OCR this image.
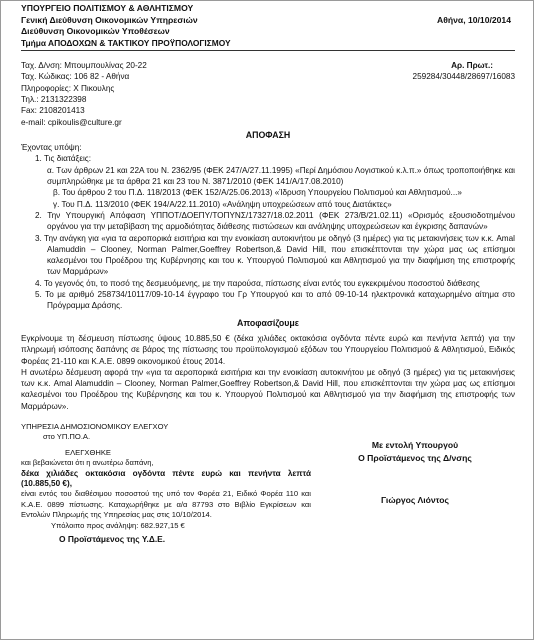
ΥΠΟΥΡΓΕΙΟ ΠΟΛΙΤΙΣΜΟΥ & ΑΘΛΗΤΙΣΜΟΥ
Γενική Διεύθυνση Οικονομικών Υπηρεσιών	Αθήνα, 10/10/2014
Διεύθυνση Οικονομικών Υποθέσεων
Τμήμα ΑΠΟΔΟΧΩΝ & ΤΑΚΤΙΚΟΥ ΠΡΟΫΠΟΛΟΓΙΣΜΟΥ
Ταχ. Δ/νση: Μπουμπουλίνας 20-22	Αρ. Πρωτ.:
Ταχ. Κώδικας: 106 82 - Αθήνα	259284/30448/28697/16083
Πληροφορίες: Χ Πικουλης
Τηλ.: 2131322398
Fax: 2108201413
e-mail: cpikoulis@culture.gr
ΑΠΟΦΑΣΗ
Έχοντας υπόψη:
1. Τις διατάξεις:
α. Των άρθρων 21 και 22Α του Ν. 2362/95 (ΦΕΚ 247/Α/27.11.1995) «Περί Δημόσιου Λογιστικού κ.λ.π.» όπως τροποποιήθηκε και συμπληρώθηκε με τα άρθρα 21 και 23 του Ν. 3871/2010 (ΦΕΚ 141/Α/17.08.2010)
β. Του άρθρου 2 του Π.Δ. 118/2013 (ΦΕΚ 152/Α/25.06.2013) «Ίδρυση Υπουργείου Πολιτισμού και Αθλητισμού...»
γ. Του Π.Δ. 113/2010 (ΦΕΚ 194/Α/22.11.2010) «Ανάληψη υποχρεώσεων από τους Διατάκτες»
2. Την Υπουργική Απόφαση ΥΠΠΟΤ/ΔΟΕΠΥ/ΤΟΠΥΝΣ/17327/18.02.2011 (ΦΕΚ 273/Β/21.02.11) «Ορισμός εξουσιοδοτημένου οργάνου για την μεταβίβαση της αρμοδιότητας διάθεσης πιστώσεων και ανάληψης υποχρεώσεων και έγκρισης δαπανών»
3. Την ανάγκη για «για τα αεροπορικά εισιτήρια και την ενοικίαση αυτοκινήτου με οδηγό (3 ημέρες) για τις μετακινήσεις των κ.κ. Amal Alamuddin – Clooney, Norman Palmer,Goeffrey Robertson,& David Hill, που επισκέπτονται την χώρα μας ως επίσημοι καλεσμένοι του Προέδρου της Κυβέρνησης και του κ. Υπουργού Πολιτισμού και Αθλητισμού για την διαφήμιση της επιστροφής των Μαρμάρων»
4. Το γεγονός ότι, το ποσό της δεσμευόμενης, με την παρούσα, πίστωσης είναι εντός του εγκεκριμένου ποσοστού διάθεσης
5. Το με αριθμό 258734/10117/09-10-14 έγγραφο του Γρ Υπουργού και το από 09-10-14 ηλεκτρονικά καταχωρημένο αίτημα στο Πρόγραμμα Δράσης.
Αποφασίζουμε
Εγκρίνουμε τη δέσμευση πίστωσης ύψους 10.885,50 € (δέκα χιλιάδες οκτακόσια ογδόντα πέντε ευρώ και πενήντα λεπτά) για την πληρωμή ισόποσης δαπάνης σε βάρος της πίστωσης του προϋπολογισμού εξόδων του Υπουργείου Πολιτισμού & Αθλητισμού, Ειδικός Φορέας 21-110 και Κ.Α.Ε. 0899 οικονομικού έτους 2014.
Η ανωτέρω δέσμευση αφορά την «για τα αεροπορικά εισιτήρια και την ενοικίαση αυτοκινήτου με οδηγό (3 ημέρες) για τις μετακινήσεις των κ.κ. Amal Alamuddin – Clooney, Norman Palmer,Goeffrey Robertson,& David Hill, που επισκέπτονται την χώρα μας ως επίσημοι καλεσμένοι του Προέδρου της Κυβέρνησης και του κ. Υπουργού Πολιτισμού και Αθλητισμού για την διαφήμιση της επιστροφής των Μαρμάρων».
ΥΠΗΡΕΣΙΑ ΔΗΜΟΣΙΟΝΟΜΙΚΟΥ ΕΛΕΓΧΟΥ
στο ΥΠ.ΠΟ.Α.
ΕΛΕΓΧΘΗΚΕ
και βεβαιώνεται ότι η ανωτέρω δαπάνη,
δέκα χιλιάδες οκτακόσια ογδόντα πέντε ευρώ και πενήντα λεπτά (10.885,50 €),
είναι εντός του διαθέσιμου ποσοστού της υπό τον Φορέα 21, Ειδικό Φορέα 110 και Κ.Α.Ε. 0899 πίστωσης. Καταχωρήθηκε με α/α 87793 στο Βιβλίο Εγκρίσεων και Εντολών Πληρωμής της Υπηρεσίας μας στις 10/10/2014.
Υπόλοιπο προς ανάληψη: 682.927,15 €
Ο Προϊστάμενος της Υ.Δ.Ε.
Με εντολή Υπουργού
Ο Προϊστάμενος της Δ/νσης
Γιώργος Λιόντος
